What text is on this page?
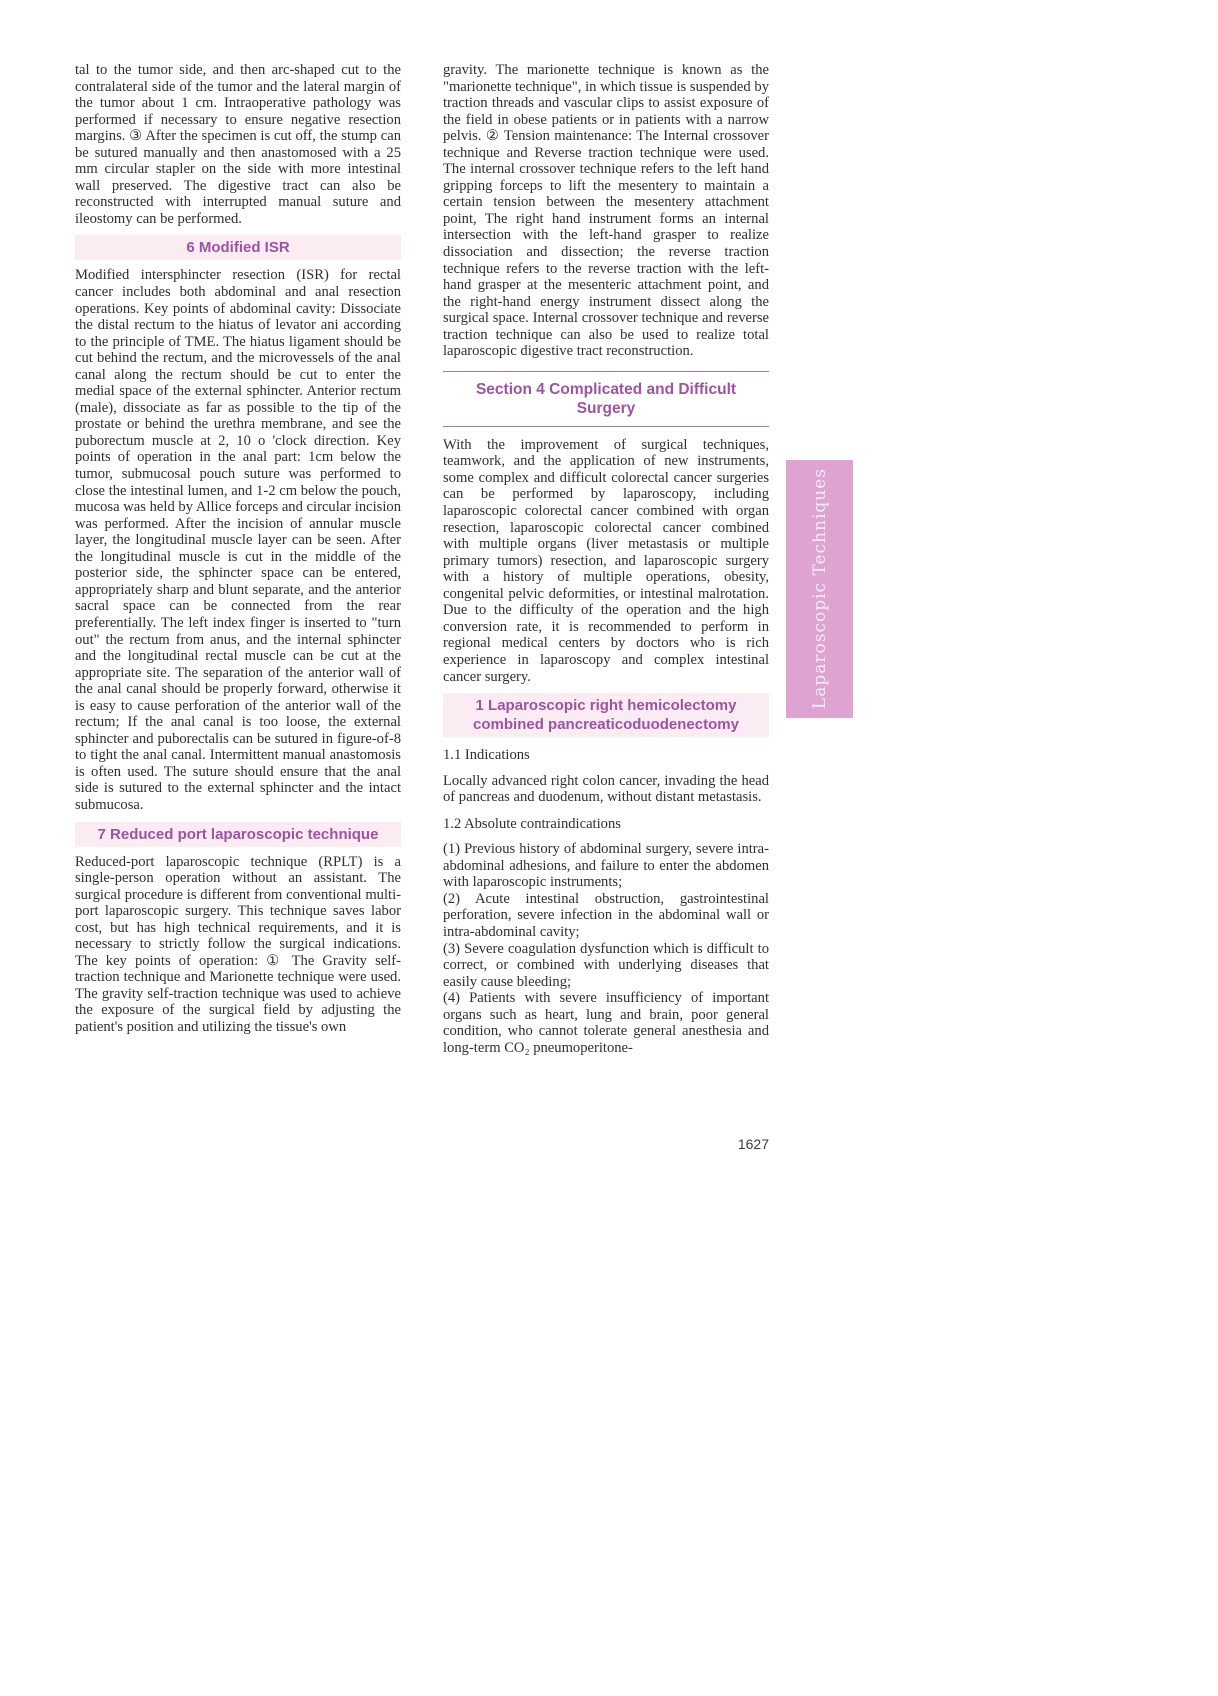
tal to the tumor side, and then arc-shaped cut to the contralateral side of the tumor and the lateral margin of the tumor about 1 cm. Intraoperative pathology was performed if necessary to ensure negative resection margins. ③ After the specimen is cut off, the stump can be sutured manually and then anastomosed with a 25 mm circular stapler on the side with more intestinal wall preserved. The digestive tract can also be reconstructed with interrupted manual suture and ileostomy can be performed.

6 Modified ISR

Modified intersphincter resection (ISR) for rectal cancer includes both abdominal and anal resection operations. Key points of abdominal cavity: Dissociate the distal rectum to the hiatus of levator ani according to the principle of TME. The hiatus ligament should be cut behind the rectum, and the microvessels of the anal canal along the rectum should be cut to enter the medial space of the external sphincter. Anterior rectum (male), dissociate as far as possible to the tip of the prostate or behind the urethra membrane, and see the puborectum muscle at 2, 10 o 'clock direction. Key points of operation in the anal part: 1cm below the tumor, submucosal pouch suture was performed to close the intestinal lumen, and 1-2 cm below the pouch, mucosa was held by Allice forceps and circular incision was performed. After the incision of annular muscle layer, the longitudinal muscle layer can be seen. After the longitudinal muscle is cut in the middle of the posterior side, the sphincter space can be entered, appropriately sharp and blunt separate, and the anterior sacral space can be connected from the rear preferentially. The left index finger is inserted to "turn out" the rectum from anus, and the internal sphincter and the longitudinal rectal muscle can be cut at the appropriate site. The separation of the anterior wall of the anal canal should be properly forward, otherwise it is easy to cause perforation of the anterior wall of the rectum; If the anal canal is too loose, the external sphincter and puborectalis can be sutured in figure-of-8 to tight the anal canal. Intermittent manual anastomosis is often used. The suture should ensure that the anal side is sutured to the external sphincter and the intact submucosa.

7 Reduced port laparoscopic technique

Reduced-port laparoscopic technique (RPLT) is a single-person operation without an assistant. The surgical procedure is different from conventional multi-port laparoscopic surgery. This technique saves labor cost, but has high technical requirements, and it is necessary to strictly follow the surgical indications. The key points of operation: ① The Gravity self-traction technique and Marionette technique were used. The gravity self-traction technique was used to achieve the exposure of the surgical field by adjusting the patient's position and utilizing the tissue's own

gravity. The marionette technique is known as the "marionette technique", in which tissue is suspended by traction threads and vascular clips to assist exposure of the field in obese patients or in patients with a narrow pelvis. ② Tension maintenance: The Internal crossover technique and Reverse traction technique were used. The internal crossover technique refers to the left hand gripping forceps to lift the mesentery to maintain a certain tension between the mesentery attachment point, The right hand instrument forms an internal intersection with the left-hand grasper to realize dissociation and dissection; the reverse traction technique refers to the reverse traction with the left-hand grasper at the mesenteric attachment point, and the right-hand energy instrument dissect along the surgical space. Internal crossover technique and reverse traction technique can also be used to realize total laparoscopic digestive tract reconstruction.

Section 4 Complicated and Difficult Surgery

With the improvement of surgical techniques, teamwork, and the application of new instruments, some complex and difficult colorectal cancer surgeries can be performed by laparoscopy, including laparoscopic colorectal cancer combined with organ resection, laparoscopic colorectal cancer combined with multiple organs (liver metastasis or multiple primary tumors) resection, and laparoscopic surgery with a history of multiple operations, obesity, congenital pelvic deformities, or intestinal malrotation. Due to the difficulty of the operation and the high conversion rate, it is recommended to perform in regional medical centers by doctors who is rich experience in laparoscopy and complex intestinal cancer surgery.

1 Laparoscopic right hemicolectomy combined pancreaticoduodenectomy

1.1 Indications

Locally advanced right colon cancer, invading the head of pancreas and duodenum, without distant metastasis.

1.2 Absolute contraindications

(1) Previous history of abdominal surgery, severe intra-abdominal adhesions, and failure to enter the abdomen with laparoscopic instruments;

(2) Acute intestinal obstruction, gastrointestinal perforation, severe infection in the abdominal wall or intra-abdominal cavity;

(3) Severe coagulation dysfunction which is difficult to correct, or combined with underlying diseases that easily cause bleeding;

(4) Patients with severe insufficiency of important organs such as heart, lung and brain, poor general condition, who cannot tolerate general anesthesia and long-term CO₂ pneumoperitone-

Laparoscopic Techniques
1627
